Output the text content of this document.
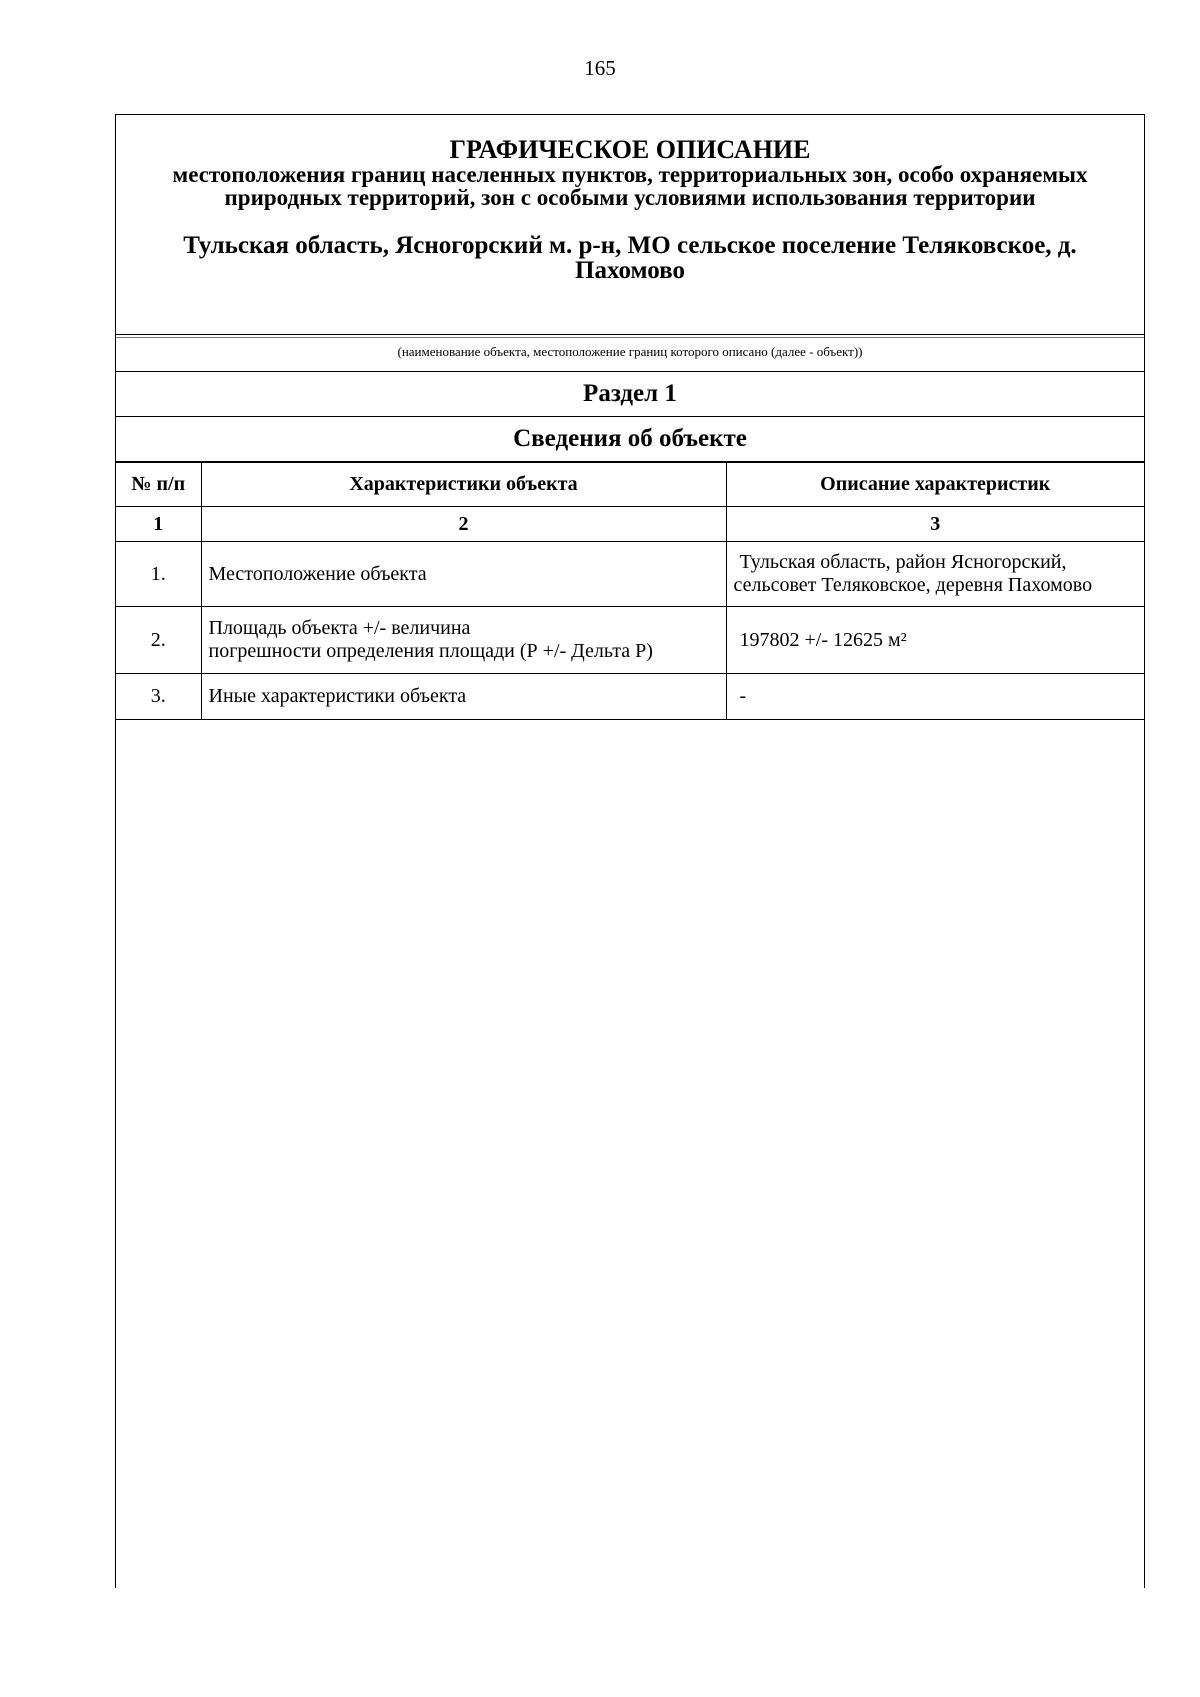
165
ГРАФИЧЕСКОЕ ОПИСАНИЕ
местоположения границ населенных пунктов, территориальных зон, особо охраняемых природных территорий, зон с особыми условиями использования территории
Тульская область, Ясногорский м. р-н, МО сельское поселение Теляковское, д. Пахомово
(наименование объекта, местоположение границ которого описано (далее - объект))
Раздел 1
Сведения об объекте
№ п/п	Характеристики объекта	Описание характеристик
1	2	3
1.	Местоположение объекта	Тульская область, район Ясногорский,
сельсовет Теляковское, деревня Пахомово

2.	Площадь объекта +/- величина
погрешности определения площади (Р +/- Дельта Р)	197802 +/- 12625 м²
3.	Иные характеристики объекта	-
